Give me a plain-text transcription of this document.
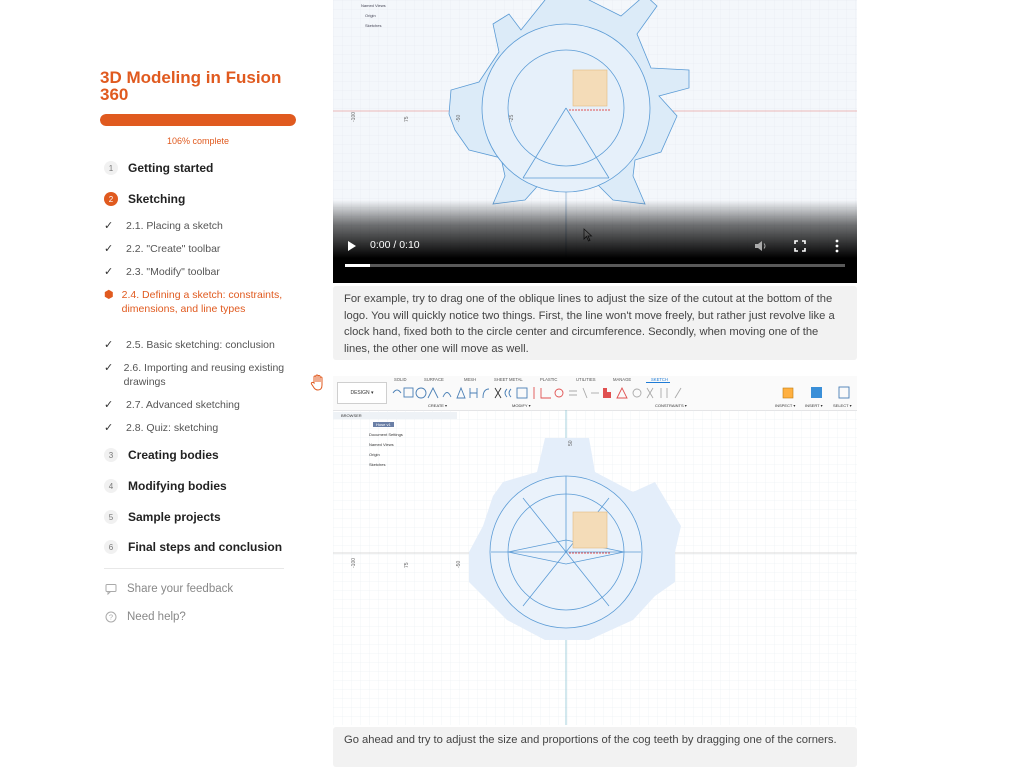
3D Modeling in Fusion 360
106% complete
1	Getting started
2	Sketching
✓	2.1. Placing a sketch
✓	2.2. "Create" toolbar
✓	2.3. "Modify" toolbar
⬢ 2.4. Defining a sketch: constraints, dimensions, and line types
✓	2.5. Basic sketching: conclusion
✓ 2.6. Importing and reusing existing drawings
✓	2.7. Advanced sketching
✓	2.8. Quiz: sketching
3	Creating bodies
4	Modifying bodies
5	Sample projects
6	Final steps and conclusion
Share your feedback
? Need help?
-100	75	-50	-25
Named Views
Origin
Sketches
0:00 / 0:10
For example, try to drag one of the oblique lines to adjust the size of the cutout at the bottom of the logo. You will quickly notice two things. First, the line won't move freely, but rather just revolve like a clock hand, fixed both to the circle center and circumference. Secondly, when moving one of the lines, the other one will move as well.
DESIGN ▾
SOLID	SURFACE	MESH	SHEET METAL	PLASTIC	UTILITIES	MANAGE	SKETCH
CREATE ▾	MODIFY ▾	CONSTRAINTS ▾	INSPECT ▾ INSERT ▾	SELECT ▾
-100	75	-50
50
BROWSER
Hose v1
Document Settings
Named Views
Origin
Sketches
Go ahead and try to adjust the size and proportions of the cog teeth by dragging one of the corners.
